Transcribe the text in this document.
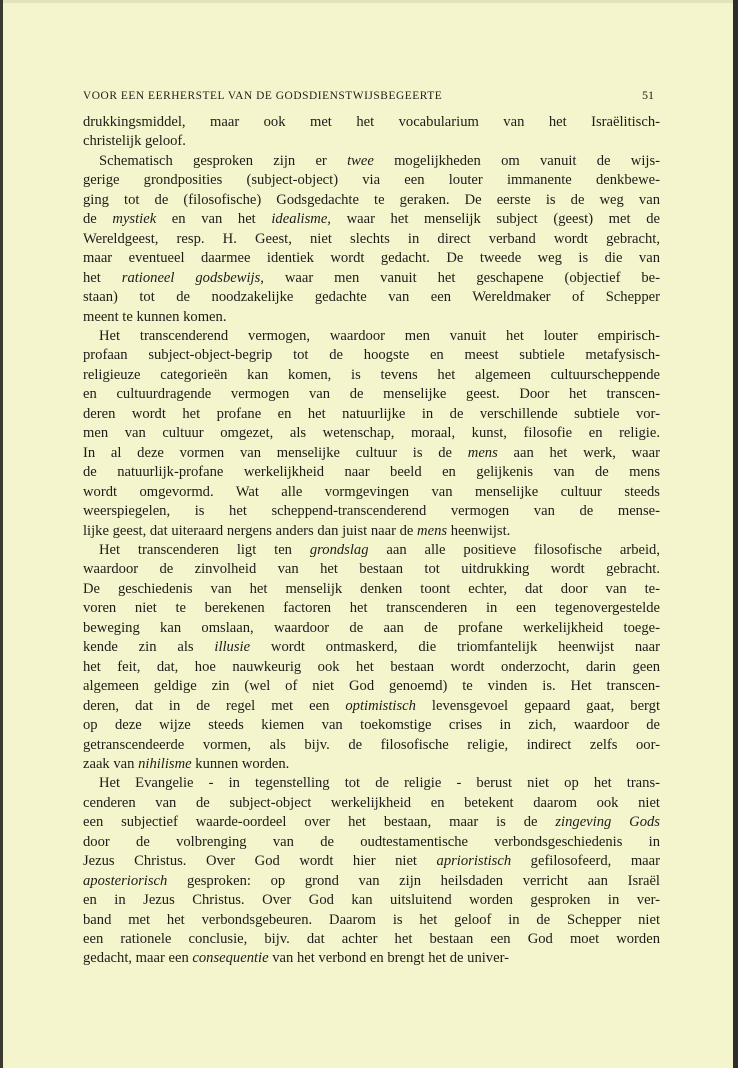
VOOR EEN EERHERSTEL VAN DE GODSDIENSTWIJSBEGEERTE	51
drukkingsmiddel, maar ook met het vocabularium van het Israëlitisch-
christelijk geloof.
Schematisch gesproken zijn er twee mogelijkheden om vanuit de wijs-
gerige grondposities (subject-object) via een louter immanente denkbewe-
ging tot de (filosofische) Godsgedachte te geraken. De eerste is de weg van
de mystiek en van het idealisme, waar het menselijk subject (geest) met de
Wereldgeest, resp. H. Geest, niet slechts in direct verband wordt gebracht,
maar eventueel daarmee identiek wordt gedacht. De tweede weg is die van
het rationeel godsbewijs, waar men vanuit het geschapene (objectief be-
staan) tot de noodzakelijke gedachte van een Wereldmaker of Schepper
meent te kunnen komen.
Het transcenderend vermogen, waardoor men vanuit het louter empirisch-
profaan subject-object-begrip tot de hoogste en meest subtiele metafysisch-
religieuze categorieën kan komen, is tevens het algemeen cultuurscheppende
en cultuurdragende vermogen van de menselijke geest. Door het transcen-
deren wordt het profane en het natuurlijke in de verschillende subtiele vor-
men van cultuur omgezet, als wetenschap, moraal, kunst, filosofie en religie.
In al deze vormen van menselijke cultuur is de mens aan het werk, waar
de natuurlijk-profane werkelijkheid naar beeld en gelijkenis van de mens
wordt omgevormd. Wat alle vormgevingen van menselijke cultuur steeds
weerspiegelen, is het scheppend-transcenderend vermogen van de mense-
lijke geest, dat uiteraard nergens anders dan juist naar de mens heenwijst.
Het transcenderen ligt ten grondslag aan alle positieve filosofische arbeid,
waardoor de zinvolheid van het bestaan tot uitdrukking wordt gebracht.
De geschiedenis van het menselijk denken toont echter, dat door van te-
voren niet te berekenen factoren het transcenderen in een tegenovergestelde
beweging kan omslaan, waardoor de aan de profane werkelijkheid toege-
kende zin als illusie wordt ontmaskerd, die triomfantelijk heenwijst naar
het feit, dat, hoe nauwkeurig ook het bestaan wordt onderzocht, darin geen
algemeen geldige zin (wel of niet God genoemd) te vinden is. Het transcen-
deren, dat in de regel met een optimistisch levensgevoel gepaard gaat, bergt
op deze wijze steeds kiemen van toekomstige crises in zich, waardoor de
getranscendeerde vormen, als bijv. de filosofische religie, indirect zelfs oor-
zaak van nihilisme kunnen worden.
Het Evangelie - in tegenstelling tot de religie - berust niet op het trans-
cenderen van de subject-object werkelijkheid en betekent daarom ook niet
een subjectief waarde-oordeel over het bestaan, maar is de zingeving Gods
door de volbrenging van de oudtestamentische verbondsgeschiedenis in
Jezus Christus. Over God wordt hier niet aprioristisch gefilosofeerd, maar
aposteriorisch gesproken: op grond van zijn heilsdaden verricht aan Israël
en in Jezus Christus. Over God kan uitsluitend worden gesproken in ver-
band met het verbondsgebeuren. Daarom is het geloof in de Schepper niet
een rationele conclusie, bijv. dat achter het bestaan een God moet worden
gedacht, maar een consequentie van het verbond en brengt het de univer-
